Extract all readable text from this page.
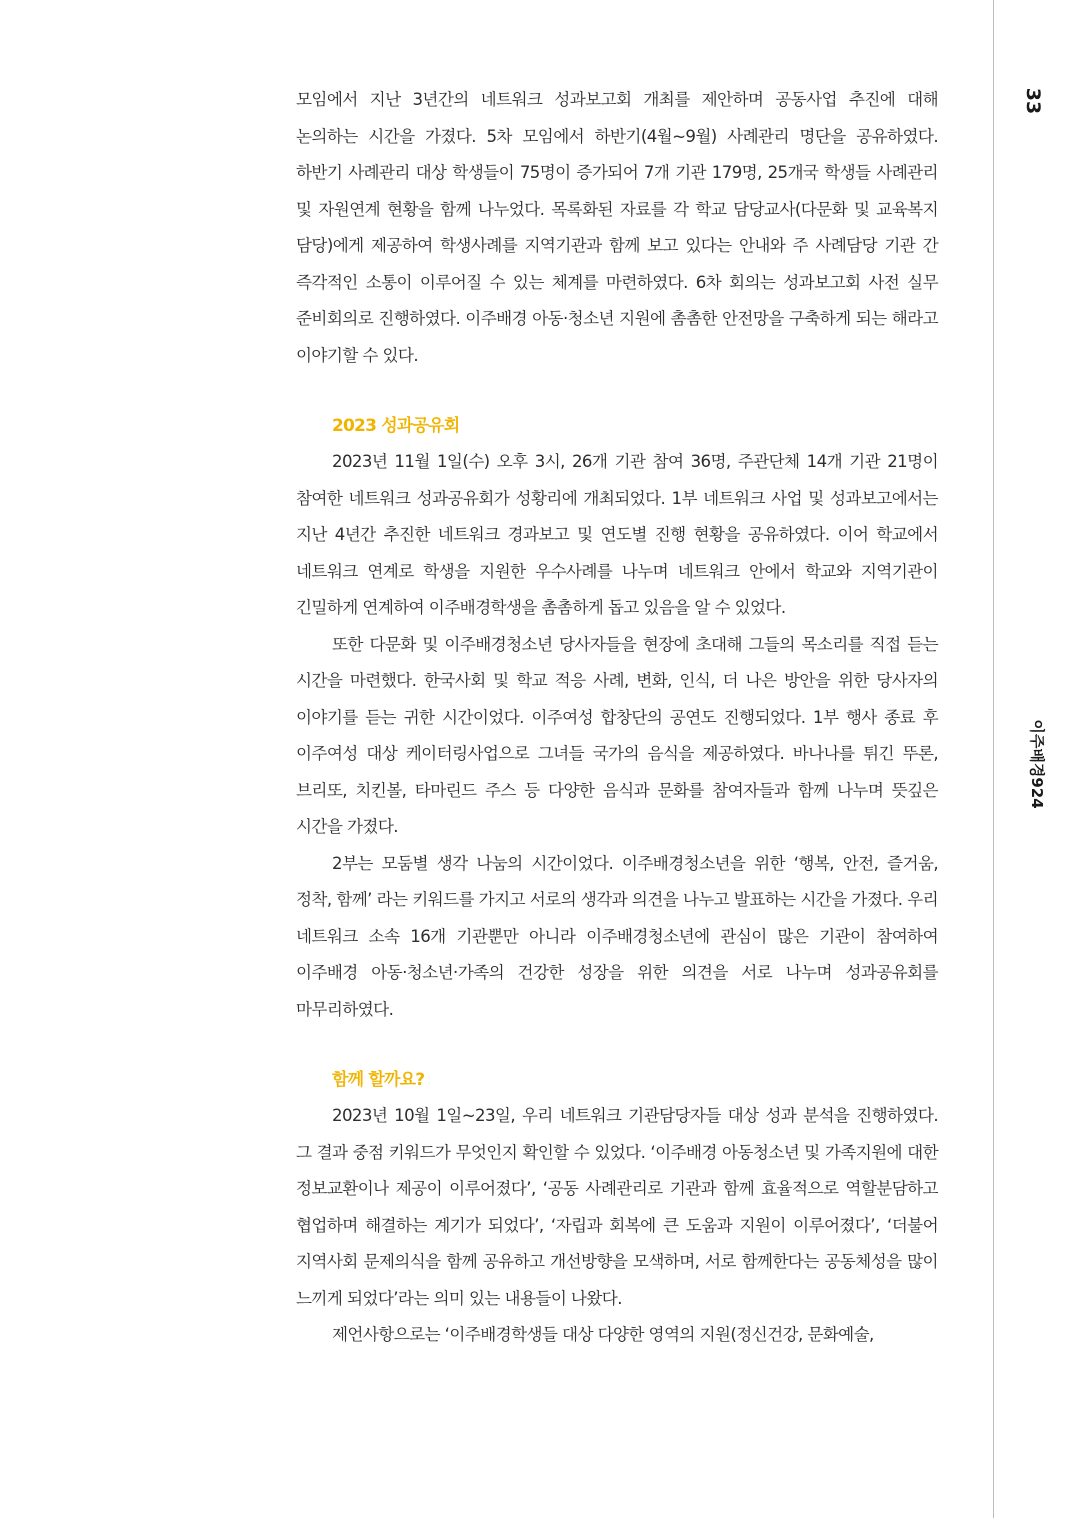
33
이주배경924

모임에서 지난 3년간의 네트워크 성과보고회 개최를 제안하며 공동사업 추진에 대해 논의하는 시간을 가졌다. 5차 모임에서 하반기(4월~9월) 사례관리 명단을 공유하였다. 하반기 사례관리 대상 학생들이 75명이 증가되어 7개 기관 179명, 25개국 학생들 사례관리 및 자원연계 현황을 함께 나누었다. 목록화된 자료를 각 학교 담당교사(다문화 및 교육복지 담당)에게 제공하여 학생사례를 지역기관과 함께 보고 있다는 안내와 주 사례담당 기관 간 즉각적인 소통이 이루어질 수 있는 체계를 마련하였다. 6차 회의는 성과보고회 사전 실무 준비회의로 진행하였다. 이주배경 아동·청소년 지원에 촘촘한 안전망을 구축하게 되는 해라고 이야기할 수 있다.

2023 성과공유회

2023년 11월 1일(수) 오후 3시, 26개 기관 참여 36명, 주관단체 14개 기관 21명이 참여한 네트워크 성과공유회가 성황리에 개최되었다. 1부 네트워크 사업 및 성과보고에서는 지난 4년간 추진한 네트워크 경과보고 및 연도별 진행 현황을 공유하였다. 이어 학교에서 네트워크 연계로 학생을 지원한 우수사례를 나누며 네트워크 안에서 학교와 지역기관이 긴밀하게 연계하여 이주배경학생을 촘촘하게 돕고 있음을 알 수 있었다.

또한 다문화 및 이주배경청소년 당사자들을 현장에 초대해 그들의 목소리를 직접 듣는 시간을 마련했다. 한국사회 및 학교 적응 사례, 변화, 인식, 더 나은 방안을 위한 당사자의 이야기를 듣는 귀한 시간이었다. 이주여성 합창단의 공연도 진행되었다. 1부 행사 종료 후 이주여성 대상 케이터링사업으로 그녀들 국가의 음식을 제공하였다. 바나나를 튀긴 뚜론, 브리또, 치킨볼, 타마린드 주스 등 다양한 음식과 문화를 참여자들과 함께 나누며 뜻깊은 시간을 가졌다.

2부는 모둠별 생각 나눔의 시간이었다. 이주배경청소년을 위한 ‘행복, 안전, 즐거움, 정착, 함께’ 라는 키워드를 가지고 서로의 생각과 의견을 나누고 발표하는 시간을 가졌다. 우리 네트워크 소속 16개 기관뿐만 아니라 이주배경청소년에 관심이 많은 기관이 참여하여 이주배경 아동·청소년·가족의 건강한 성장을 위한 의견을 서로 나누며 성과공유회를 마무리하였다.

함께 할까요?

2023년 10월 1일~23일, 우리 네트워크 기관담당자들 대상 성과 분석을 진행하였다. 그 결과 중점 키워드가 무엇인지 확인할 수 있었다. ‘이주배경 아동청소년 및 가족지원에 대한 정보교환이나 제공이 이루어졌다’, ‘공동 사례관리로 기관과 함께 효율적으로 역할분담하고 협업하며 해결하는 계기가 되었다’, ‘자립과 회복에 큰 도움과 지원이 이루어졌다’, ‘더불어 지역사회 문제의식을 함께 공유하고 개선방향을 모색하며, 서로 함께한다는 공동체성을 많이 느끼게 되었다’라는 의미 있는 내용들이 나왔다.

제언사항으로는 ‘이주배경학생들 대상 다양한 영역의 지원(정신건강, 문화예술,
